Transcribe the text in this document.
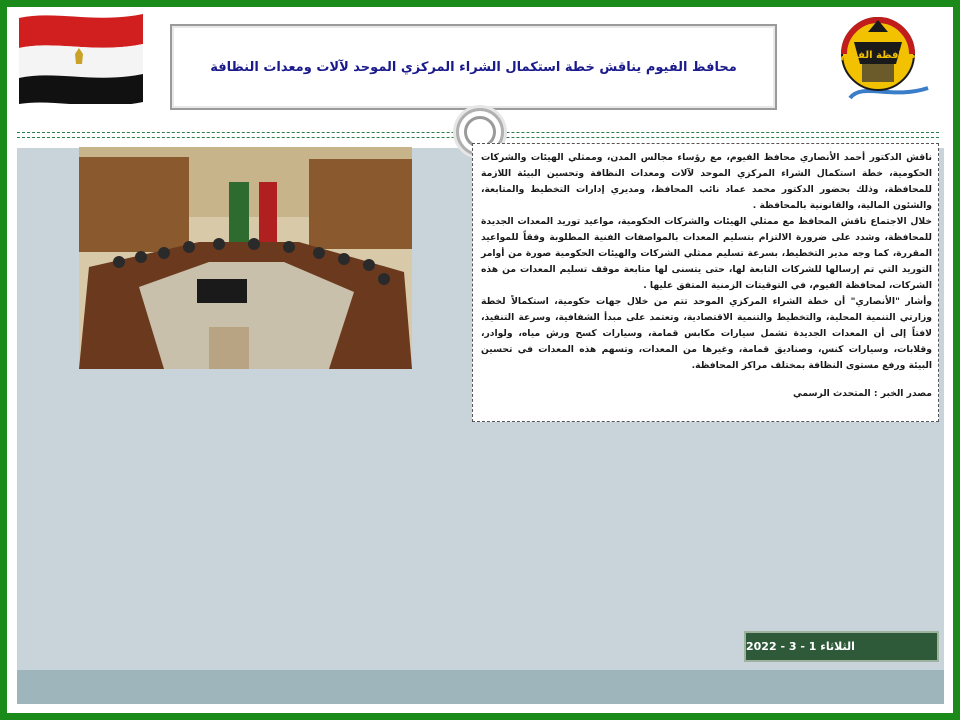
محافظ الفيوم يناقش خطة استكمال الشراء المركزي الموحد لآلات ومعدات النظافة
محافظة الفيوم

ناقش الدكتور أحمد الأنصاري محافظ الفيوم، مع رؤساء مجالس المدن، وممثلي الهيئات والشركات الحكومية، خطة استكمال الشراء المركزي الموحد لآلات ومعدات النظافة وتحسين البيئة اللازمة للمحافظة، وذلك بحضور الدكتور محمد عماد نائب المحافظ، ومديري إدارات التخطيط والمتابعة، والشئون المالية، والقانونية بالمحافظة .

خلال الاجتماع ناقش المحافظ مع ممثلي الهيئات والشركات الحكومية، مواعيد توريد المعدات الجديدة للمحافظة، وشدد على ضرورة الالتزام بتسليم المعدات بالمواصفات الفنية المطلوبة وفقاً للمواعيد المقررة، كما وجه مدير التخطيط، بسرعة تسليم ممثلي الشركات والهيئات الحكومية صورة من أوامر التوريد التي تم إرسالها للشركات التابعة لها، حتى يتسنى لها متابعة موقف تسليم المعدات من هذه الشركات، لمحافظة الفيوم، في التوقيتات الزمنية المتفق عليها .

وأشار "الأنصاري" أن خطة الشراء المركزي الموحد تتم من خلال جهات حكومية، استكمالاً لخطة وزارتي التنمية المحلية، والتخطيط والتنمية الاقتصادية، وتعتمد على مبدأ الشفافية، وسرعة التنفيذ، لافتاً إلى أن المعدات الجديدة تشمل سيارات مكابس قمامة، وسيارات كسح ورش مياه، ولوادر، وقلابات، وسيارات كنس، وصناديق قمامة، وغيرها من المعدات، وتسهم هذه المعدات في تحسين البيئة ورفع مستوى النظافة بمختلف مراكز المحافظة.

مصدر الخبر : المتحدث الرسمي

الثلاثاء 1 - 3 - 2022
